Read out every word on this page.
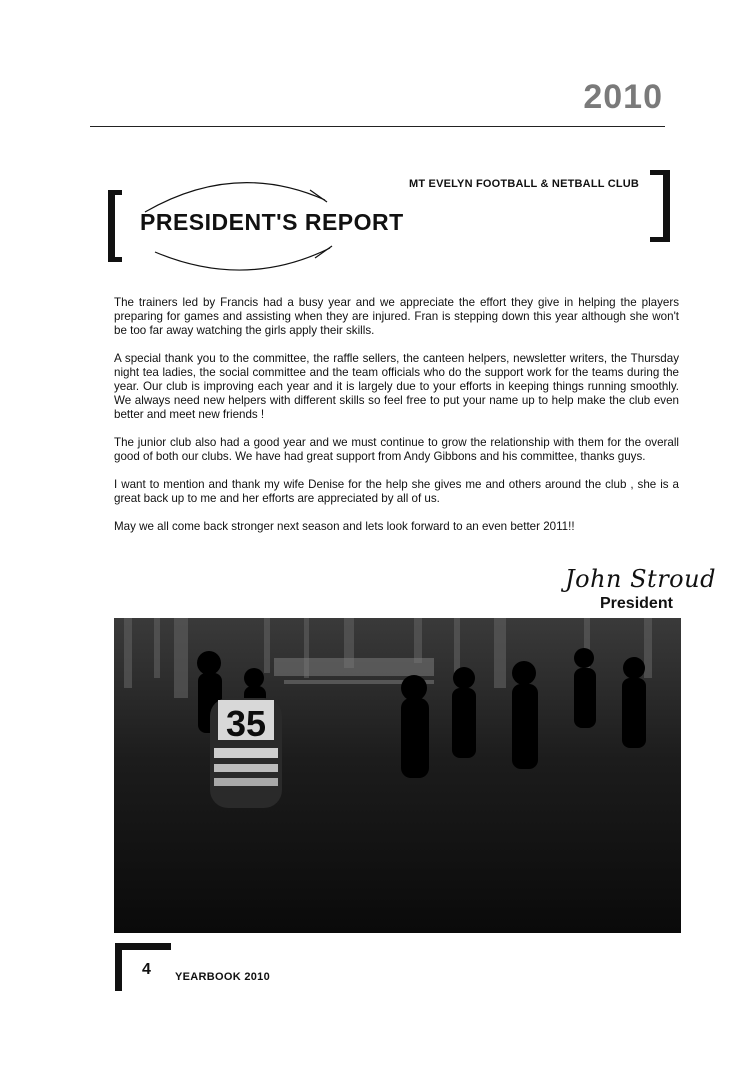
2010
PRESIDENT'S REPORT
MT EVELYN FOOTBALL & NETBALL CLUB

The trainers led by Francis had a busy year and we appreciate the effort they give in helping the players preparing for games and assisting when they are injured. Fran is stepping down this year although she won't be too far away watching the girls apply their skills.

A special thank you to the committee, the raffle sellers, the canteen helpers, newsletter writers, the Thursday night tea ladies, the social committee and the team officials who do the support work for the teams during the year. Our club is improving each year and it is largely due to your efforts in keeping things running smoothly. We always need new helpers with different skills so feel free to put your name up to help make the club even better and meet new friends !

The junior club also had a good year and we must continue to grow the relationship with them for the overall good of both our clubs. We have had great support from Andy Gibbons and his committee, thanks guys.

I want to mention and thank my wife Denise for the help she gives me and others around the club , she is a great back up to me and her efforts are appreciated by all of us.

May we all come back stronger next season and lets look forward to an even better 2011!!

John Stroud
President
35
4 YEARBOOK 2010
